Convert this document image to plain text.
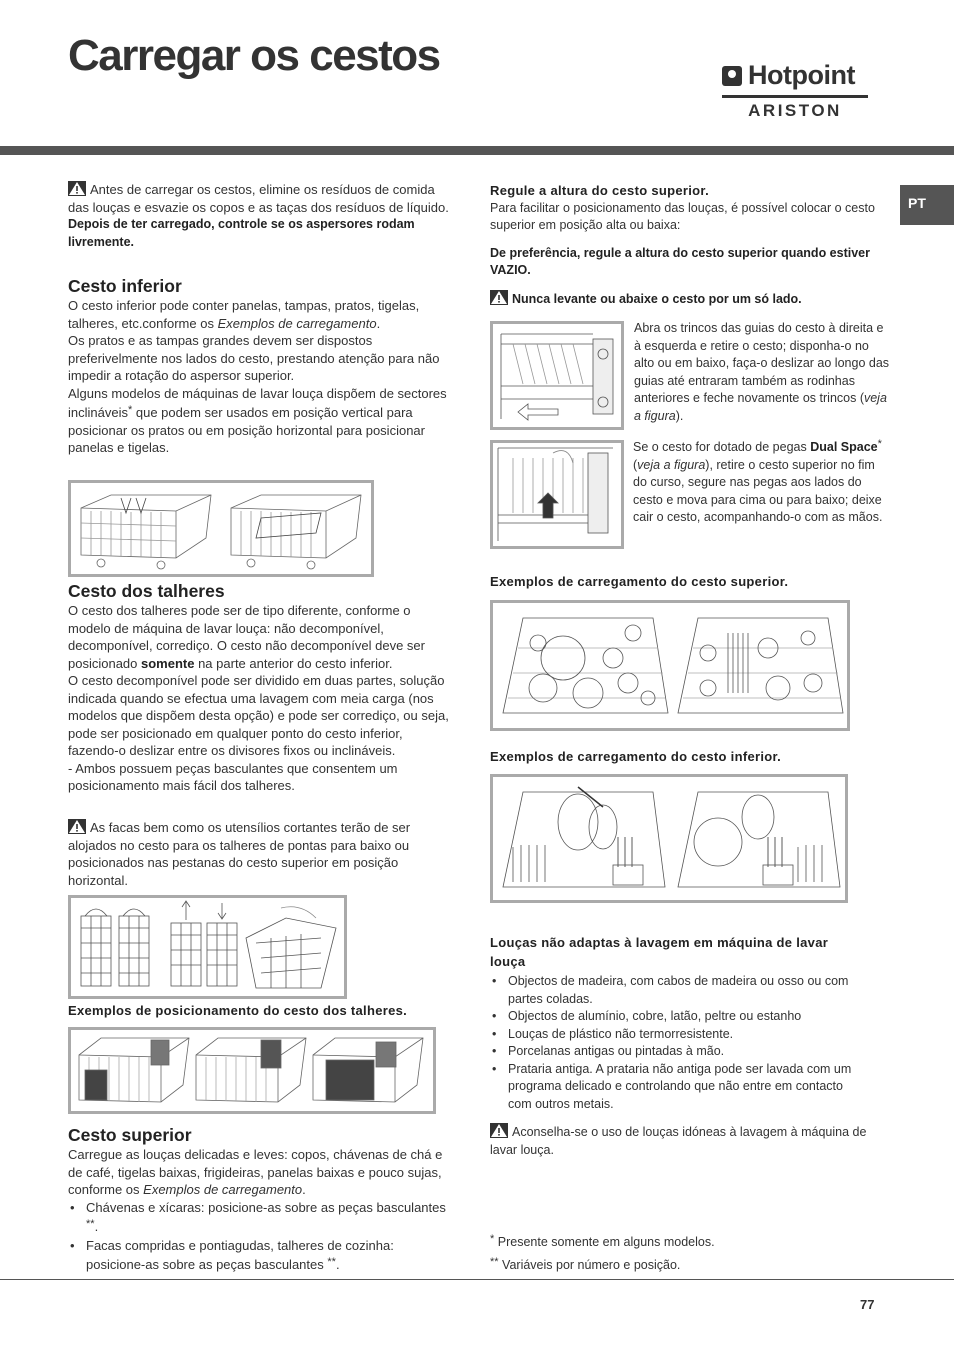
Carregar os cestos	Hotpoint
ARISTON
PT

Antes de carregar os cestos, elimine os resíduos de comida das louças e esvazie os copos e as taças dos resíduos de líquido.

Depois de ter carregado, controle se os aspersores rodam livremente.

Cesto inferior

O cesto inferior pode conter panelas, tampas, pratos, tigelas, talheres, etc.conforme os Exemplos de carregamento.

Os pratos e as tampas grandes devem ser dispostos preferivelmente nos lados do cesto, prestando atenção para não impedir a rotação do aspersor superior.

Alguns modelos de máquinas de lavar louça dispõem de sectores inclináveis* que podem ser usados em posição vertical para posicionar os pratos ou em posição horizontal para posicionar panelas e tigelas.

Cesto dos talheres

O cesto dos talheres pode ser de tipo diferente, conforme o modelo de máquina de lavar louça: não decomponível, decomponível, corrediço. O cesto não decomponível deve ser posicionado somente na parte anterior do cesto inferior.

O cesto decomponível pode ser dividido em duas partes, solução indicada quando se efectua uma lavagem com meia carga (nos modelos que dispõem desta opção) e pode ser corrediço, ou seja, pode ser posicionado em qualquer ponto do cesto inferior, fazendo-o deslizar entre os divisores fixos ou inclináveis.

- Ambos possuem peças basculantes que consentem um posicionamento mais fácil dos talheres.

As facas bem como os utensílios cortantes terão de ser alojados no cesto para os talheres de pontas para baixo ou posicionados nas pestanas do cesto superior em posição horizontal.

Exemplos de posicionamento do cesto dos talheres.

Cesto superior

Carregue as louças delicadas e leves: copos, chávenas de chá e de café, tigelas baixas, frigideiras, panelas baixas e pouco sujas, conforme os Exemplos de carregamento.

• Chávenas e xícaras: posicione-as sobre as peças basculantes **.
• Facas compridas e pontiagudas, talheres de cozinha: posicione-as sobre as peças basculantes **.

Regule a altura do cesto superior.

Para facilitar o posicionamento das louças, é possível colocar o cesto superior em posição alta ou baixa:

De preferência, regule a altura do cesto superior quando estiver VAZIO.

Nunca levante ou abaixe o cesto por um só lado.

Abra os trincos das guias do cesto à direita e à esquerda e retire o cesto; disponha-o no alto ou em baixo, faça-o deslizar ao longo das guias até entraram também as rodinhas anteriores e feche novamente os trincos (veja a figura).

Se o cesto for dotado de pegas Dual Space* (veja a figura), retire o cesto superior no fim do curso, segure nas pegas aos lados do cesto e mova para cima ou para baixo; deixe cair o cesto, acompanhando-o com as mãos.

Exemplos de carregamento do cesto superior.

Exemplos de carregamento do cesto inferior.

Louças não adaptas à lavagem em máquina de lavar louça

• Objectos de madeira, com cabos de madeira ou osso ou com partes coladas.
• Objectos de alumínio, cobre, latão, peltre ou estanho
• Louças de plástico não termorresistente.
• Porcelanas antigas ou pintadas à mão.
• Prataria antiga. A prataria não antiga pode ser lavada com um programa delicado e controlando que não entre em contacto com outros metais.

Aconselha-se o uso de louças idóneas à lavagem à máquina de lavar louça.

* Presente somente em alguns modelos.

** Variáveis por número e posição.

77
